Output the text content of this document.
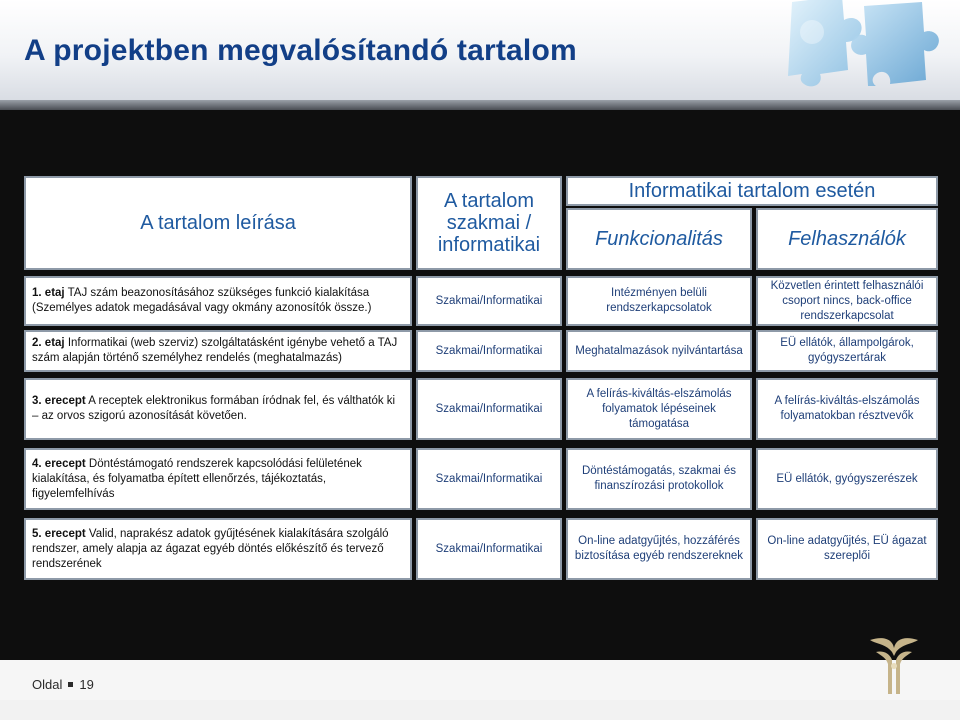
A projektben megvalósítandó tartalom
A tartalom leírása
A tartalom szakmai / informatikai
Informatikai tartalom esetén
Funkcionalitás	Felhasználók
1. etaj TAJ szám beazonosításához szükséges funkció kialakítása (Személyes adatok megadásával vagy okmány azonosítók össze.)
Szakmai/Informatikai
Intézményen belüli rendszerkapcsolatok
Közvetlen érintett felhasználói csoport nincs, back-office rendszerkapcsolat
2. etaj Informatikai (web szerviz) szolgáltatásként igénybe vehető a TAJ szám alapján történő személyhez rendelés (meghatalmazás)
Szakmai/Informatikai	Meghatalmazások nyilvántartása
EÜ ellátók, állampolgárok, gyógyszertárak
3. erecept A receptek elektronikus formában íródnak fel, és válthatók ki – az orvos szigorú azonosítását követően.
Szakmai/Informatikai
A felírás-kiváltás-elszámolás folyamatok lépéseinek támogatása
A felírás-kiváltás-elszámolás folyamatokban résztvevők
4. erecept Döntéstámogató rendszerek kapcsolódási felületének kialakítása, és folyamatba épített ellenőrzés, tájékoztatás, figyelemfelhívás
Szakmai/Informatikai
Döntéstámogatás, szakmai és finanszírozási protokollok
EÜ ellátók, gyógyszerészek
5. erecept Valid, naprakész adatok gyűjtésének kialakítására szolgáló rendszer, amely alapja az ágazat egyéb döntés előkészítő és tervező rendszerének
Szakmai/Informatikai
On-line adatgyűjtés, hozzáférés biztosítása egyéb rendszereknek
On-line adatgyűjtés, EÜ ágazat szereplői
Oldal 19
